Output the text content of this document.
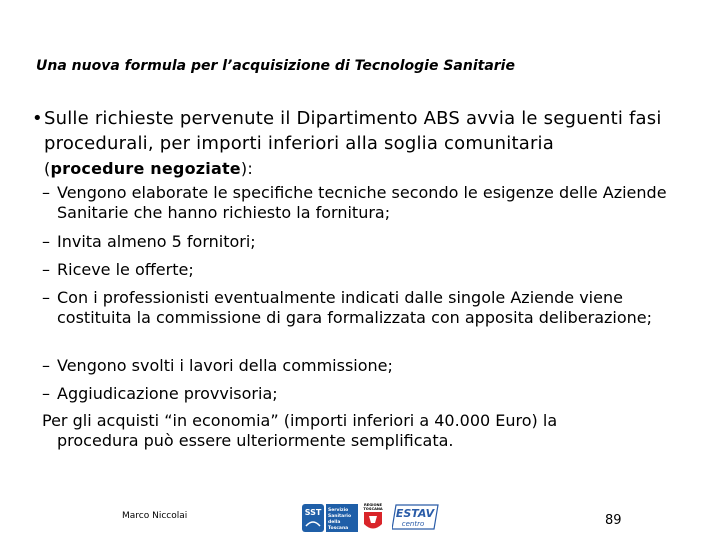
Una nuova formula per l’acquisizione di Tecnologie Sanitarie
• Sulle richieste pervenute il Dipartimento ABS avvia le seguenti fasi procedurali, per importi inferiori alla soglia comunitaria
(procedure negoziate):
– Vengono elaborate le specifiche tecniche secondo le esigenze delle Aziende Sanitarie che hanno richiesto la fornitura;
– Invita almeno 5 fornitori;
– Riceve le offerte;
– Con i professionisti eventualmente indicati dalle singole Aziende viene costituita la commissione di gara formalizzata con apposita deliberazione;
– Vengono svolti i lavori della commissione;
– Aggiudicazione provvisoria;
Per gli acquisti “in economia” (importi inferiori a 40.000 Euro) la
procedura può essere ulteriormente semplificata.
Marco Niccolai	SST Servizio
Sanitario
della
Toscana
REGIONE
TOSCANA ESTAV
centro	89
